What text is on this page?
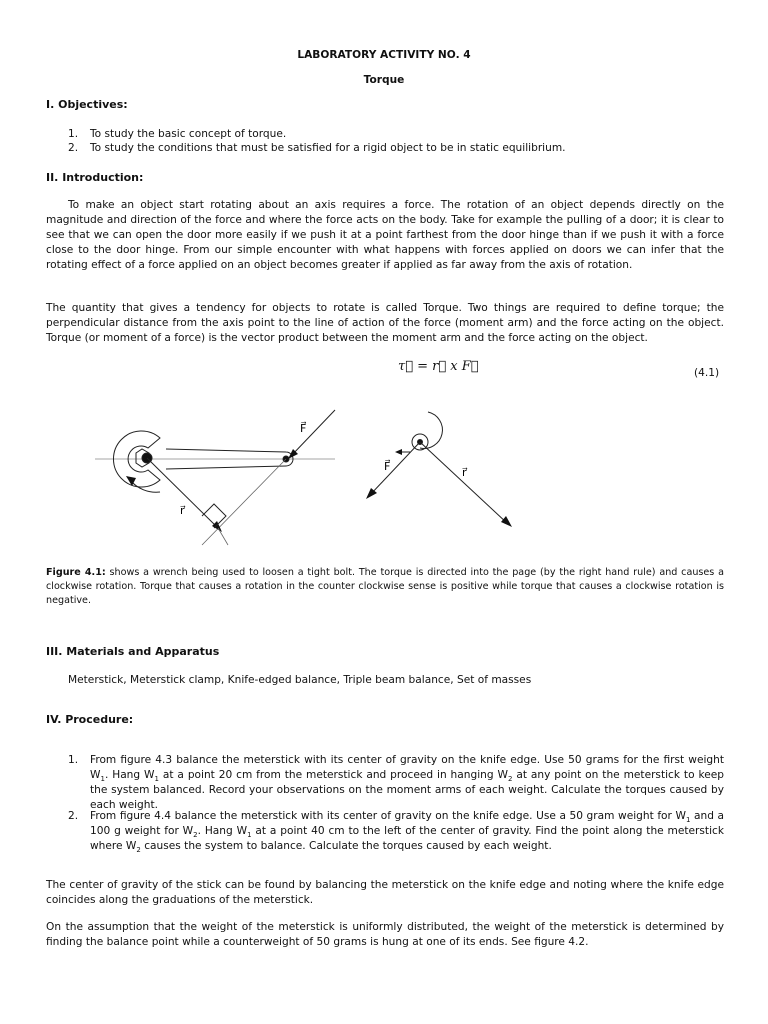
LABORATORY ACTIVITY NO. 4
Torque
I. Objectives:
1. To study the basic concept of torque.
2. To study the conditions that must be satisfied for a rigid object to be in static equilibrium.
II. Introduction:
To make an object start rotating about an axis requires a force. The rotation of an object depends directly on the magnitude and direction of the force and where the force acts on the body. Take for example the pulling of a door; it is clear to see that we can open the door more easily if we push it at a point farthest from the door hinge than if we push it with a force close to the door hinge. From our simple encounter with what happens with forces applied on doors we can infer that the rotating effect of a force applied on an object becomes greater if applied as far away from the axis of rotation.
The quantity that gives a tendency for objects to rotate is called Torque. Two things are required to define torque; the perpendicular distance from the axis point to the line of action of the force (moment arm) and the force acting on the object. Torque (or moment of a force) is the vector product between the moment arm and the force acting on the object.
τ⃗ = r⃗ x F⃗	(4.1)
F⃗
r⃗
F⃗	r⃗
Figure 4.1: shows a wrench being used to loosen a tight bolt. The torque is directed into the page (by the right hand rule) and causes a clockwise rotation. Torque that causes a rotation in the counter clockwise sense is positive while torque that causes a clockwise rotation is negative.
III. Materials and Apparatus
Meterstick, Meterstick clamp, Knife-edged balance, Triple beam balance, Set of masses
IV. Procedure:
1. From figure 4.3 balance the meterstick with its center of gravity on the knife edge. Use 50 grams for the first weight $W_1$. Hang $W_1$ at a point 20 cm from the meterstick and proceed in hanging $W_2$ at any point on the meterstick to keep the system balanced. Record your observations on the moment arms of each weight. Calculate the torques caused by each weight.
2. From figure 4.4 balance the meterstick with its center of gravity on the knife edge. Use a 50 gram weight for $W_1$ and a 100 g weight for $W_2$. Hang $W_1$ at a point 40 cm to the left of the center of gravity. Find the point along the meterstick where $W_2$ causes the system to balance. Calculate the torques caused by each weight.
The center of gravity of the stick can be found by balancing the meterstick on the knife edge and noting where the knife edge coincides along the graduations of the meterstick.
On the assumption that the weight of the meterstick is uniformly distributed, the weight of the meterstick is determined by finding the balance point while a counterweight of 50 grams is hung at one of its ends. See figure 4.2.
